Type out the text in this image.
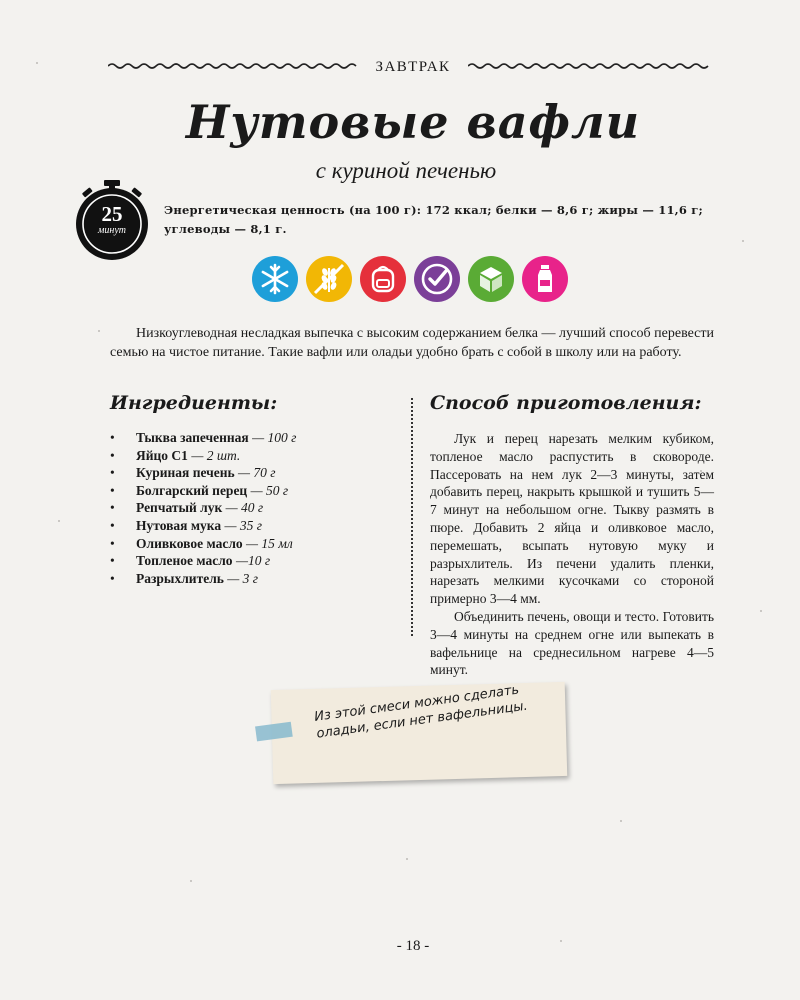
ЗАВТРАК
Нутовые вафли
с куриной печенью
25
минут
Энергетическая ценность (на 100 г): 172 ккал; белки — 8,6 г; жиры — 11,6 г; углеводы — 8,1 г.
Низкоуглеводная несладкая выпечка с высоким содержанием белка — лучший способ перевести семью на чистое питание. Такие вафли или оладьи удобно брать с собой в школу или на работу.
Ингредиенты:
• Тыква запеченная — 100 г
• Яйцо С1 — 2 шт.
• Куриная печень — 70 г
• Болгарский перец — 50 г
• Репчатый лук — 40 г
• Нутовая мука — 35 г
• Оливковое масло — 15 мл
• Топленое масло —10 г
• Разрыхлитель — 3 г
Способ приготовления:

Лук и перец нарезать мелким кубиком, топленое масло распустить в сковороде. Пассеровать на нем лук 2—3 минуты, затем добавить перец, накрыть крышкой и тушить 5—7 минут на небольшом огне. Тыкву размять в пюре. Добавить 2 яйца и оливковое масло, перемешать, всыпать нутовую муку и разрыхлитель. Из печени удалить пленки, нарезать мелкими кусочками со стороной примерно 3—4 мм.

Объединить печень, овощи и тесто. Готовить 3—4 минуты на среднем огне или выпекать в вафельнице на среднесильном нагреве 4—5 минут.

Из этой смеси можно сделать оладьи, если нет вафельницы.
- 18 -
